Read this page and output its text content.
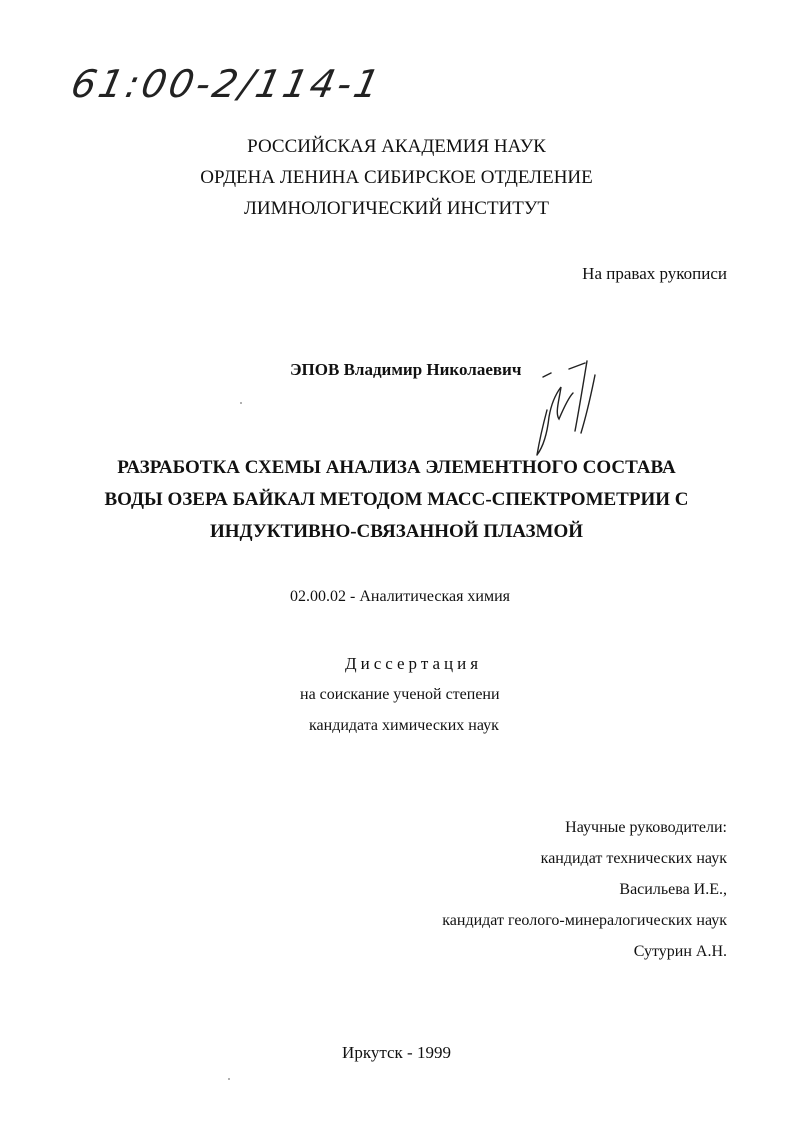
61:00-2/114-1
РОССИЙСКАЯ АКАДЕМИЯ НАУК
ОРДЕНА ЛЕНИНА СИБИРСКОЕ ОТДЕЛЕНИЕ
ЛИМНОЛОГИЧЕСКИЙ ИНСТИТУТ
На правах рукописи
ЭПОВ Владимир Николаевич
РАЗРАБОТКА СХЕМЫ АНАЛИЗА ЭЛЕМЕНТНОГО СОСТАВА
ВОДЫ ОЗЕРА БАЙКАЛ МЕТОДОМ МАСС-СПЕКТРОМЕТРИИ С
ИНДУКТИВНО-СВЯЗАННОЙ ПЛАЗМОЙ
02.00.02 - Аналитическая химия
Диссертация
на соискание ученой степени
кандидата химических наук
Научные руководители:
кандидат технических наук
Васильева И.Е.,
кандидат геолого-минералогических наук
Сутурин А.Н.
Иркутск - 1999
